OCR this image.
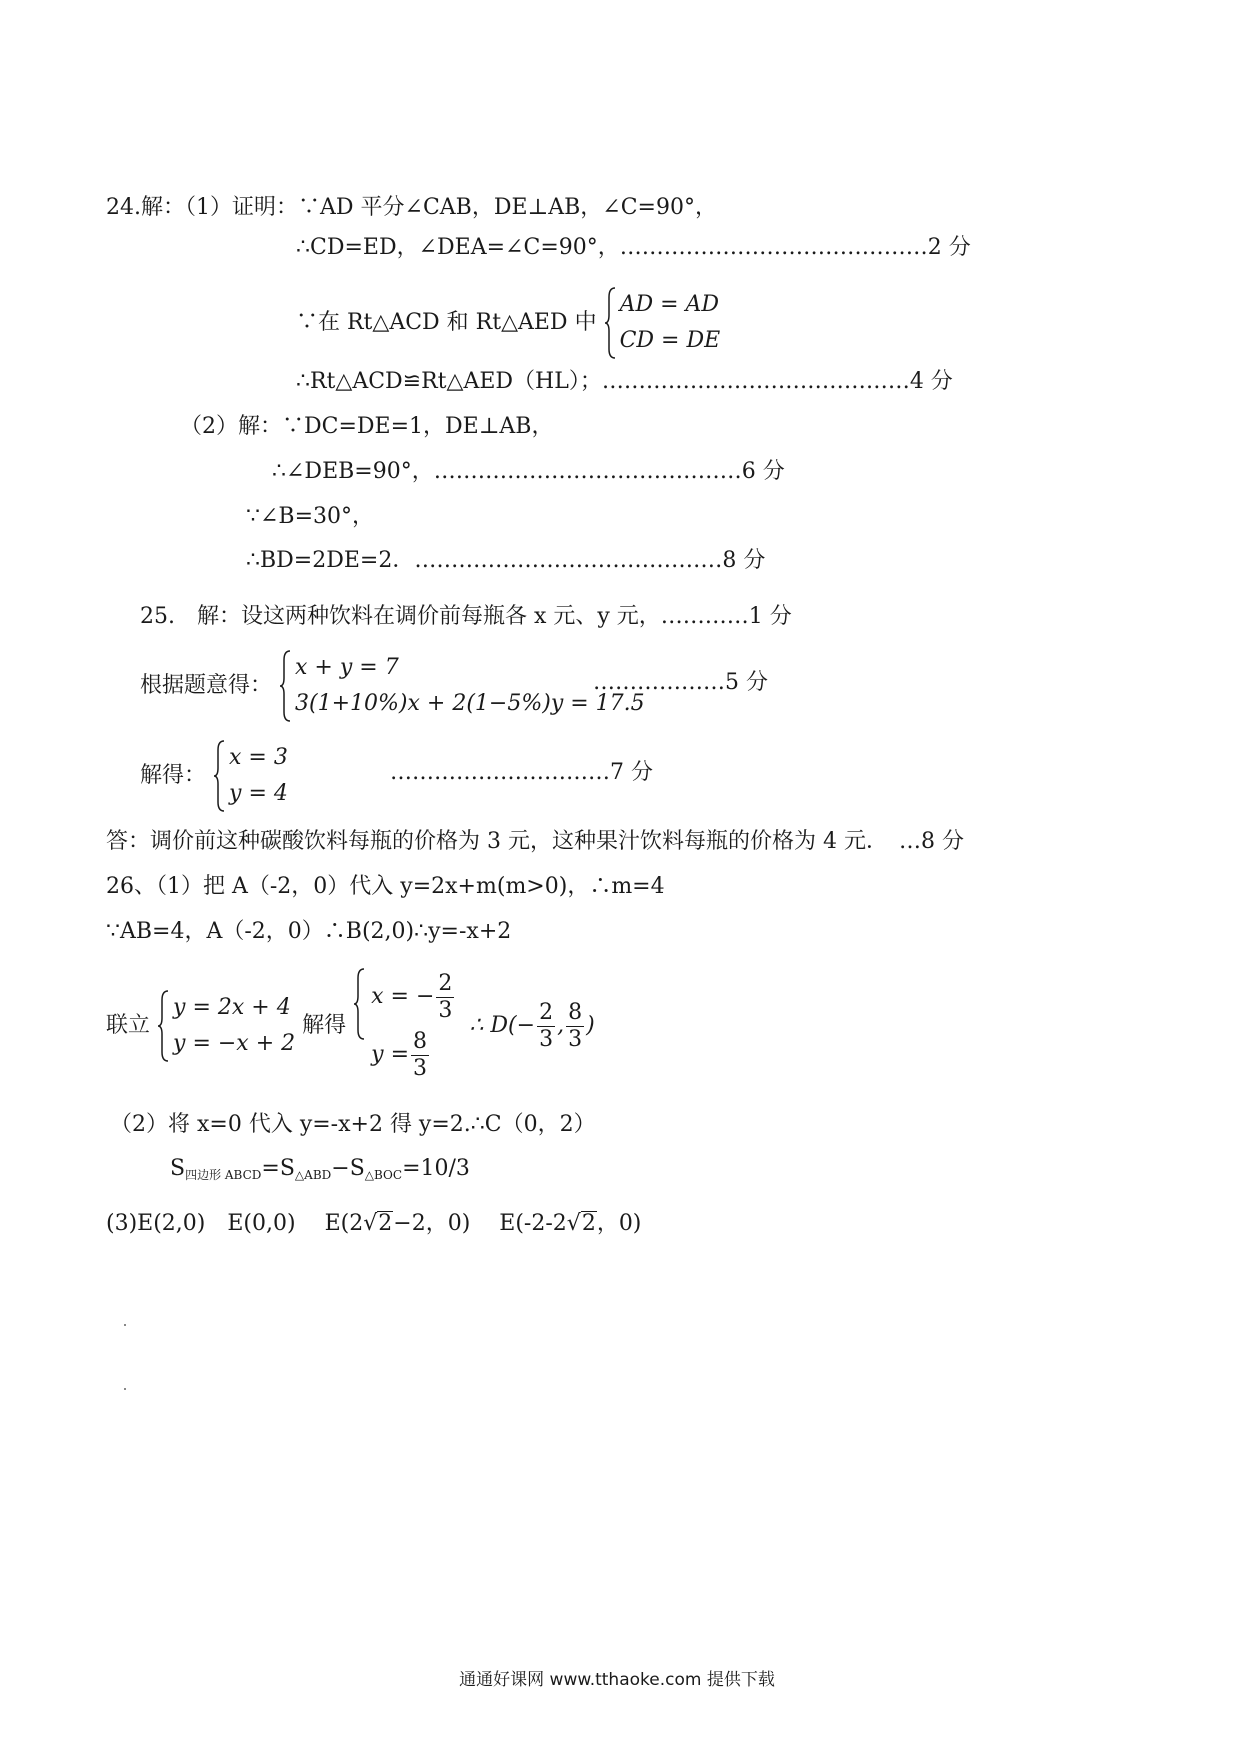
24.解：（1）证明：∵AD 平分∠CAB，DE⊥AB，∠C=90°，
∴CD=ED，∠DEA=∠C=90°，……………………………………2 分
∵在 Rt△ACD 和 Rt△AED 中
AD = AD
CD = DE
∴Rt△ACD≌Rt△AED（HL）；……………………………………4 分
（2）解：∵DC=DE=1，DE⊥AB，
∴∠DEB=90°，……………………………………6 分
∵∠B=30°，
∴BD=2DE=2．……………………………………8 分
25.　解：设这两种饮料在调价前每瓶各 x 元、y 元，…………1 分
根据题意得：
x + y = 7
3(1+10%)x + 2(1−5%)y = 17.5
………………5 分
解得：
x = 3
y = 4
…………………………7 分
答：调价前这种碳酸饮料每瓶的价格为 3 元，这种果汁饮料每瓶的价格为 4 元．　…8 分
26、（1）把 A（-2，0）代入 y=2x+m(m>0)，∴m=4
∵AB=4，A（-2，0）∴B(2,0)∴y=-x+2
联立
y = 2x + 4
y = −x + 2
解得
x = − $\frac{2}{3}$
$y = \frac{8}{3}$
∴ $D(- \frac{2}{3}$ , $\frac{8}{3}$ )
（2）将 x=0 代入 y=-x+2 得 y=2.∴C（0，2）
$S_{四边形 ABCD}=S_{\triangle ABD}-S_{\triangle BOC}=10/3$
(3)E(2,0)　E(0,0)　 E(2√2−2，0)　 E(-2-2√2，0)
通通好课网 www.tthaoke.com 提供下载
